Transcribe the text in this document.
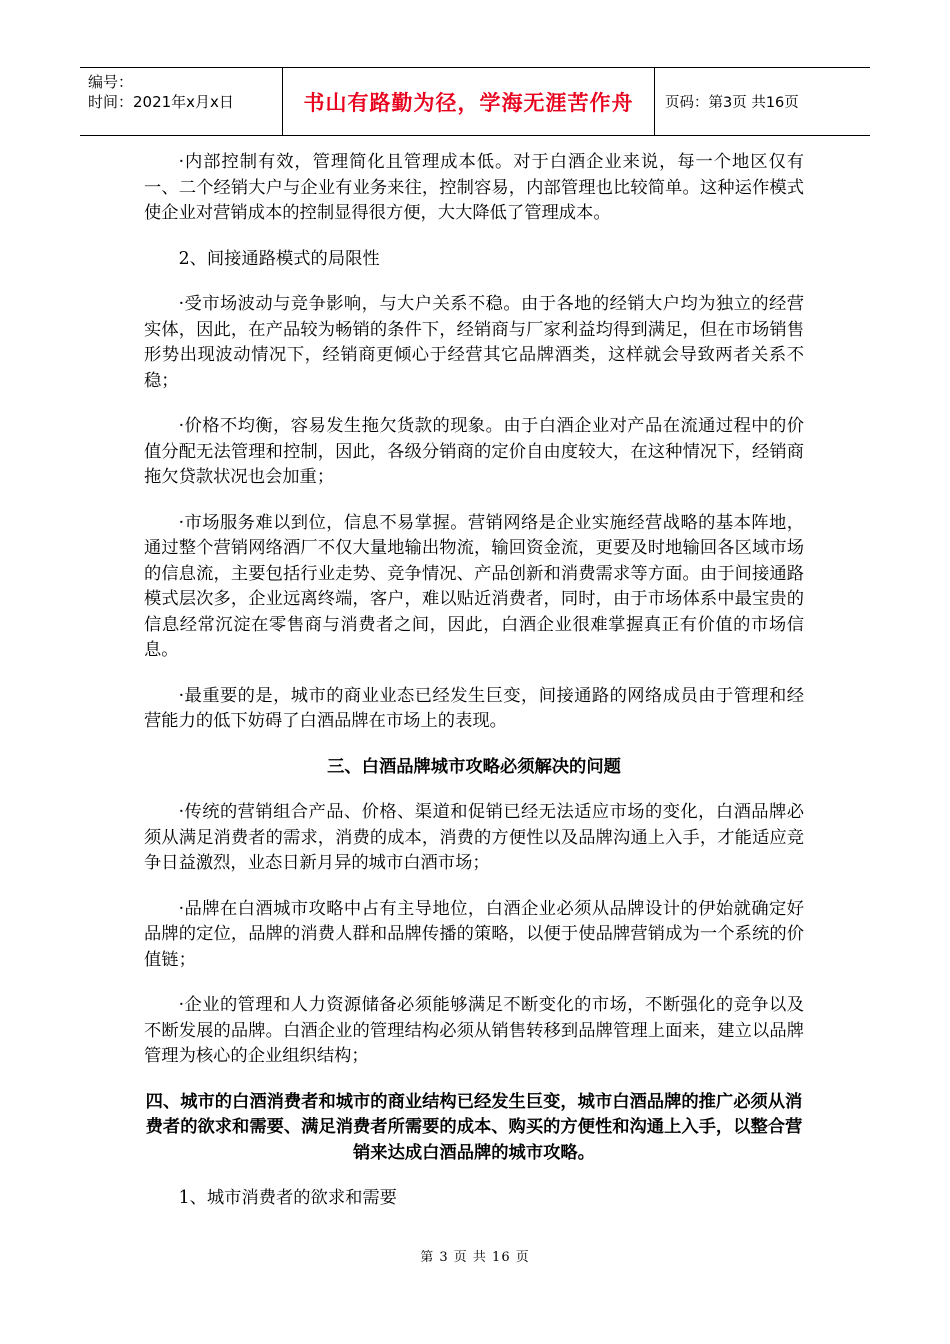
编号：
时间：2021年x月x日	书山有路勤为径，学海无涯苦作舟 页码：第3页 共16页

·内部控制有效，管理简化且管理成本低。对于白酒企业来说，每一个地区仅有一、二个经销大户与企业有业务来往，控制容易，内部管理也比较简单。这种运作模式使企业对营销成本的控制显得很方便，大大降低了管理成本。

2、间接通路模式的局限性

·受市场波动与竞争影响，与大户关系不稳。由于各地的经销大户均为独立的经营实体，因此，在产品较为畅销的条件下，经销商与厂家利益均得到满足，但在市场销售形势出现波动情况下，经销商更倾心于经营其它品牌酒类，这样就会导致两者关系不稳；

·价格不均衡，容易发生拖欠货款的现象。由于白酒企业对产品在流通过程中的价值分配无法管理和控制，因此，各级分销商的定价自由度较大，在这种情况下，经销商拖欠贷款状况也会加重；

·市场服务难以到位，信息不易掌握。营销网络是企业实施经营战略的基本阵地，通过整个营销网络酒厂不仅大量地输出物流，输回资金流，更要及时地输回各区域市场的信息流，主要包括行业走势、竞争情况、产品创新和消费需求等方面。由于间接通路模式层次多，企业远离终端，客户，难以贴近消费者，同时，由于市场体系中最宝贵的信息经常沉淀在零售商与消费者之间，因此，白酒企业很难掌握真正有价值的市场信息。

·最重要的是，城市的商业业态已经发生巨变，间接通路的网络成员由于管理和经营能力的低下妨碍了白酒品牌在市场上的表现。

三、白酒品牌城市攻略必须解决的问题

·传统的营销组合产品、价格、渠道和促销已经无法适应市场的变化，白酒品牌必须从满足消费者的需求，消费的成本，消费的方便性以及品牌沟通上入手，才能适应竞争日益激烈，业态日新月异的城市白酒市场；

·品牌在白酒城市攻略中占有主导地位，白酒企业必须从品牌设计的伊始就确定好品牌的定位，品牌的消费人群和品牌传播的策略，以便于使品牌营销成为一个系统的价值链；

·企业的管理和人力资源储备必须能够满足不断变化的市场，不断强化的竞争以及不断发展的品牌。白酒企业的管理结构必须从销售转移到品牌管理上面来，建立以品牌管理为核心的企业组织结构；

四、城市的白酒消费者和城市的商业结构已经发生巨变，城市白酒品牌的推广必须从消费者的欲求和需要、满足消费者所需要的成本、购买的方便性和沟通上入手，以整合营销来达成白酒品牌的城市攻略。

1、城市消费者的欲求和需要

第 3 页 共 16 页
